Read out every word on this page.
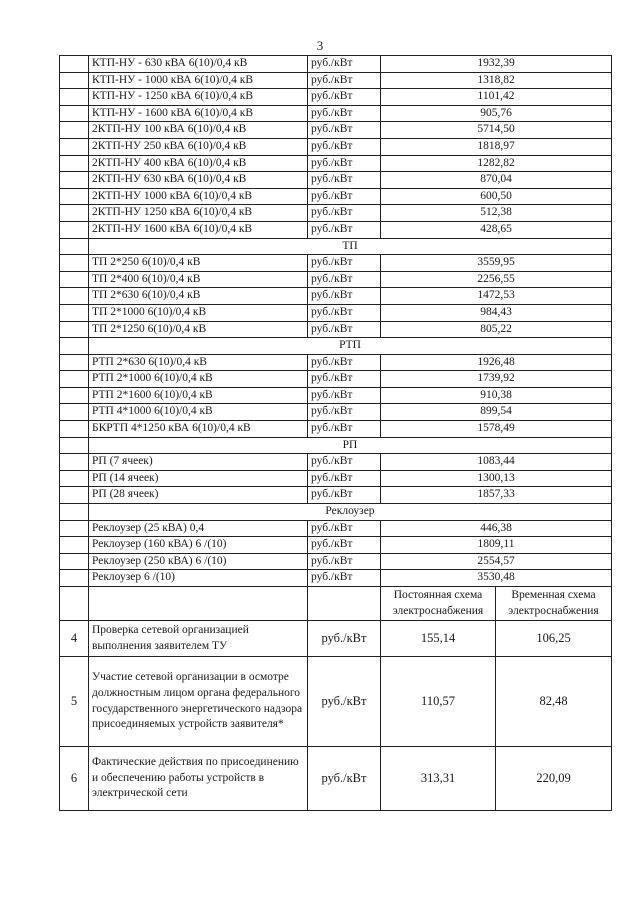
3
	КТП-НУ - 630 кВА 6(10)/0,4 кВ	руб./кВт	1932,39	
	КТП-НУ - 1000 кВА 6(10)/0,4 кВ	руб./кВт	1318,82	
	КТП-НУ - 1250 кВА 6(10)/0,4 кВ	руб./кВт	1101,42	
	КТП-НУ - 1600 кВА 6(10)/0,4 кВ	руб./кВт	905,76	
	2КТП-НУ 100 кВА 6(10)/0,4 кВ	руб./кВт	5714,50	
	2КТП-НУ 250 кВА 6(10)/0,4 кВ	руб./кВт	1818,97	
	2КТП-НУ 400 кВА 6(10)/0,4 кВ	руб./кВт	1282,82	
	2КТП-НУ 630 кВА 6(10)/0,4 кВ	руб./кВт	870,04	
	2КТП-НУ 1000 кВА 6(10)/0,4 кВ	руб./кВт	600,50	
	2КТП-НУ 1250 кВА 6(10)/0,4 кВ	руб./кВт	512,38	
	2КТП-НУ 1600 кВА 6(10)/0,4 кВ	руб./кВт	428,65	
	ТП			
	ТП 2*250 6(10)/0,4 кВ	руб./кВт	3559,95	
	ТП 2*400 6(10)/0,4 кВ	руб./кВт	2256,55	
	ТП 2*630 6(10)/0,4 кВ	руб./кВт	1472,53	
	ТП 2*1000 6(10)/0,4 кВ	руб./кВт	984,43	
	ТП 2*1250 6(10)/0,4 кВ	руб./кВт	805,22	
	РТП			
	РТП 2*630 6(10)/0,4 кВ	руб./кВт	1926,48	
	РТП 2*1000 6(10)/0,4 кВ	руб./кВт	1739,92	
	РТП 2*1600 6(10)/0,4 кВ	руб./кВт	910,38	
	РТП 4*1000 6(10)/0,4 кВ	руб./кВт	899,54	
	БКРТП 4*1250 кВА 6(10)/0,4 кВ	руб./кВт	1578,49	
	РП			
	РП (7 ячеек)	руб./кВт	1083,44	
	РП (14 ячеек)	руб./кВт	1300,13	
	РП (28 ячеек)	руб./кВт	1857,33	
	Реклоузер			
	Реклоузер (25 кВА) 0,4	руб./кВт	446,38	
	Реклоузер (160 кВА) 6 /(10)	руб./кВт	1809,11	
	Реклоузер (250 кВА) 6 /(10)	руб./кВт	2554,57	
	Реклоузер 6 /(10)	руб./кВт	3530,48	
			Постоянная схема электроснабжения	Временная схема электроснабжения
4	Проверка сетевой организацией выполнения заявителем ТУ	руб./кВт	155,14	106,25
5	Участие сетевой организации в осмотре должностным лицом органа федерального государственного энергетического надзора присоединяемых устройств заявителя*	руб./кВт	110,57	82,48
6	Фактические действия по присоединению и обеспечению работы устройств в электрической сети	руб./кВт	313,31	220,09
